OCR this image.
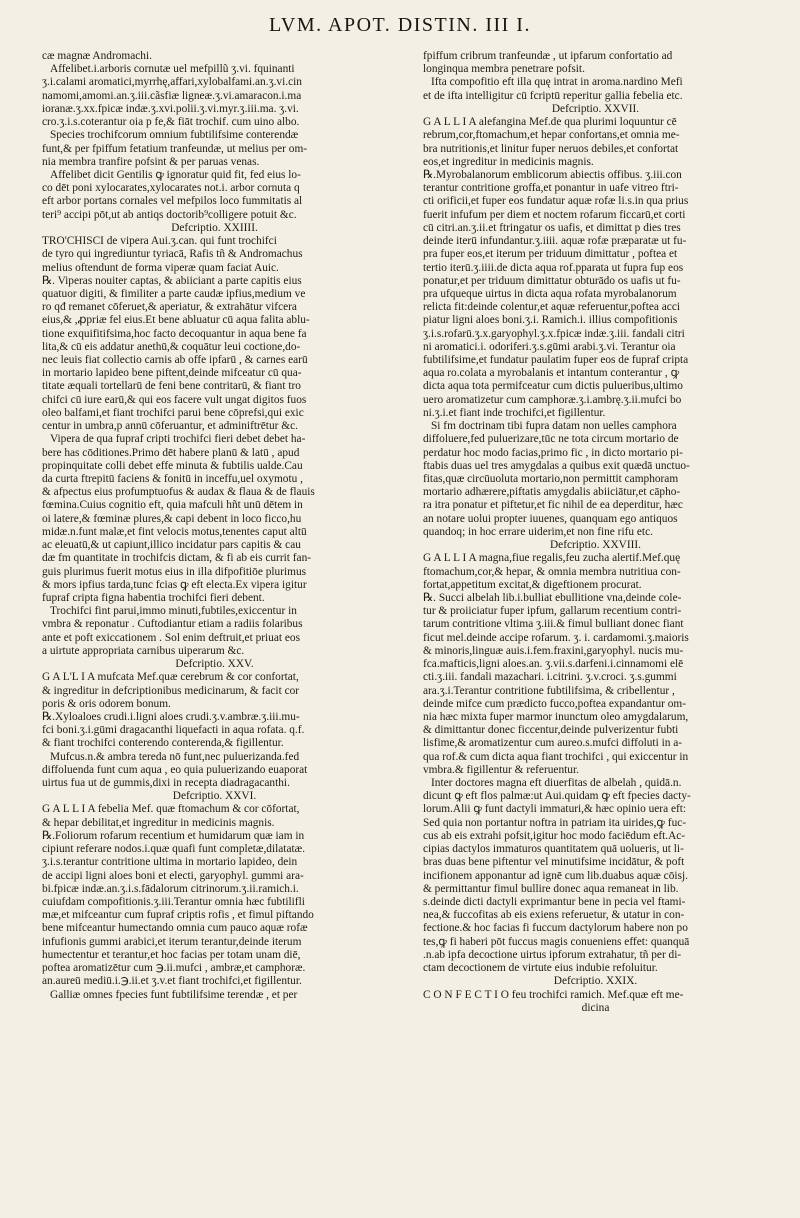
LVM. APOT. DISTIN. III I.
cæ magnæ Andromachi.
Affelibet.i.arboris cornutæ uel mefpillũ ʒ.vi. fquinanti
ʒ.i.calami aromatici,myrrhę,affari,xylobalfami.an.ʒ.vi.cin
namomi,amomi.an.ʒ.iii.cãsfiæ ligneæ.ʒ.vi.amaracon.i.ma
ioranæ.ʒ.xx.fpicæ indæ.ʒ.xvi.polii.ʒ.vi.myr.ʒ.iii.ma. ʒ.vi.
cro.ʒ.i.s.coterantur oia p fe,& fiāt trochif. cum uino albo.
Species trochifcorum omnium fubtilifsime conterendæ
funt,& per fpiffum fetatium tranfeundæ, ut melius per om-
nia membra tranfire pofsint & per paruas venas.
Affelibet dicit Gentilis ꝙ ignoratur quid fit, fed eius lo-
co dēt poni xylocarates,xylocarates not.i. arbor cornuta q
eft arbor portans cornales vel mefpilos loco fummitatis al
teri⁹ accipi pōt,ut ab antiqs doctorib⁹colligere potuit &c.
Defcriptio. XXIIII.
TRO'CHISCI de vipera Aui.ʒ.can. qui funt trochifci
de tyro qui ingrediuntur tyriacā, Rafis tñ & Andromachus
melius oftendunt de forma viperæ quam faciat Auic.
℞. Viperas nouiter captas, & abiiciant a parte capitis eius
quatuor digiti, & fimiliter a parte caudæ ipfius,medium ve
ro qđ remanet cōferuet,& aperiatur, & extrahātur vifcera
eius,& ,ꝓpriæ fel eius.Et bene abluatur cū aqua falita ablu-
tione exquifitifsima,hoc facto decoquantur in aqua bene fa
lita,& cū eis addatur anethū,& coquātur leui coctione,do-
nec leuis fiat collectio carnis ab offe ipfarū , & carnes earū
in mortario lapideo bene piftent,deinde mifceatur cū qua-
titate æquali tortellarū de feni bene contritarū, & fiant tro
chifci cū iure earū,& qui eos facere vult ungat digitos fuos
oleo balfami,et fiant trochifci parui bene cōprefsi,qui exic
centur in umbra,p annū cōferuantur, et adminiftrētur &c.
Vipera de qua fupraf cripti trochifci fieri debet debet ha-
bere has cōditiones.Primo dēt habere planū & latū , apud
propinquitate colli debet effe minuta & fubtilis ualde.Cau
da curta ftrepitū faciens & fonitū in inceffu,uel oxymotu ,
& afpectus eius profumptuofus & audax & flaua & de flauis
fœmina.Cuius cognitio eft, quia mafculi hñt unū dētem in
oi latere,& fœminæ plures,& capi debent in loco ficco,hu
midæ.n.funt malæ,et fint velocis motus,tenentes caput altū
ac eleuatū,& ut capiunt,illico incidatur pars capitis & cau
dæ fm quantitate in trochifcis dictam, & fi ab eis currit fan-
guis plurimus fuerit motus eius in illa difpofitiōe plurimus
& mors ipfius tarda,tunc fcias ꝙ eft electa.Ex vipera igitur
fupraf cripta figna habentia trochifci fieri debent.
Trochifci fint parui,immo minuti,fubtiles,exiccentur in
vmbra & reponatur . Cuftodiantur etiam a radiis folaribus
ante et poft exiccationem . Sol enim deftruit,et priuat eos
a uirtute appropriata carnibus uiperarum &c.
Defcriptio. XXV.
G A L'L I A mufcata Mef.quæ cerebrum & cor confortat,
& ingreditur in defcriptionibus medicinarum, & facit cor
poris & oris odorem bonum.
℞.Xyloaloes crudi.i.ligni aloes crudi.ʒ.v.ambræ.ʒ.iii.mu-
fci boni.ʒ.i.gūmi dragacanthi liquefacti in aqua rofata. q.f.
& fiant trochifci conterendo conterenda,& figillentur.
Mufcus.n.& ambra tereda nō funt,nec puluerizanda.fed
diffoluenda funt cum aqua , eo quia puluerizando euaporat
uirtus fua ut de gummis,dixi in recepta diadragacanthi.
Defcriptio. XXVI.
G A L L I A febelia Mef. quæ ftomachum & cor cōfortat,
& hepar debilitat,et ingreditur in medicinis magnis.
℞.Foliorum rofarum recentium et humidarum quæ iam in
cipiunt referare nodos.i.quæ quafi funt completæ,dilatatæ.
ʒ.i.s.terantur contritione ultima in mortario lapideo, dein
de accipi ligni aloes boni et electi, garyophyl. gummi ara-
bi.fpicæ indæ.an.ʒ.i.s.fādalorum citrinorum.ʒ.ii.ramich.i.
cuiufdam compofitionis.ʒ.iii.Terantur omnia hæc fubtilifli
mæ,et mifceantur cum fupraf criptis rofis , et fimul piftando
bene mifceantur humectando omnia cum pauco aquæ rofæ
infufionis gummi arabici,et iterum terantur,deinde iterum
humectentur et terantur,et hoc facias per totam unam diē,
poftea aromatizētur cum ℈.ii.mufci , ambræ,et camphoræ.
an.aureū mediū.i.℈.ii.et ʒ.v.et fiant trochifci,et figillentur.
Galliæ omnes fpecies funt fubtilifsime terendæ , et per
fpiffum cribrum tranfeundæ , ut ipfarum confortatio ad
longinqua membra penetrare pofsit.
Ifta compofitio eft illa quę intrat in aroma.nardino Mefi
et de ifta intelligitur cū fcriptū reperitur gallia febelia etc.
Defcriptio. XXVII.
G A L L I A alefangina Mef.de qua plurimi loquuntur cē
rebrum,cor,ftomachum,et hepar confortans,et omnia me-
bra nutritionis,et linitur fuper neruos debiles,et confortat
eos,et ingreditur in medicinis magnis.
℞.Myrobalanorum emblicorum abiectis offibus. ʒ.iii.con
terantur contritione groffa,et ponantur in uafe vitreo ftri-
cti orificii,et fuper eos fundatur aquæ rofæ li.s.in qua prius
fuerit infufum per diem et noctem rofarum ficcarū,et corti
cū citri.an.ʒ.ii.et ftringatur os uafis, et dimittat p dies tres
deinde iterū infundantur.ʒ.iiii. aquæ rofæ præparatæ ut fu-
pra fuper eos,et iterum per triduum dimittatur , poftea et
tertio iterū.ʒ.iiii.de dicta aqua rof.pparata ut fupra fup eos
ponatur,et per triduum dimittatur obturādo os uafis ut fu-
pra ufqueque uirtus in dicta aqua rofata myrobalanorum
relicta fit:deinde colentur,et aquæ referuentur,poftea acci
piatur ligni aloes boni.ʒ.i. Ramich.i. illius compofitionis
ʒ.i.s.rofarū.ʒ.x.garyophyl.ʒ.x.fpicæ indæ.ʒ.iii. fandali citri
ni aromatici.i. odoriferi.ʒ.s.gūmi arabi.ʒ.vi. Terantur oia
fubtilifsime,et fundatur paulatim fuper eos de fupraf cripta
aqua ro.colata a myrobalanis et intantum conterantur , ꝙ
dicta aqua tota permifceatur cum dictis pulueribus,ultimo
uero aromatizetur cum camphoræ.ʒ.i.ambrę.ʒ.ii.mufci bo
ni.ʒ.i.et fiant inde trochifci,et figillentur.
Si fm doctrinam tibi fupra datam non uelles camphora
diffoluere,fed puluerizare,tūc ne tota circum mortario de
perdatur hoc modo facias,primo fic , in dicto mortario pi-
ftabis duas uel tres amygdalas a quibus exit quædā unctuo-
fitas,quæ circūuoluta mortario,non permittit camphoram
mortario adhærere,piftatis amygdalis abiiciātur,et cāpho-
ra itra ponatur et piftetur,et fic nihil de ea deperditur, hæc
an notare uolui propter iuuenes, quanquam ego antiquos
quandoq; in hoc errare uiderim,et non fine rifu etc.
Defcriptio. XXVIII.
G A L L I A magna,fiue regalis,feu zucha alertif.Mef.quę
ftomachum,cor,& hepar, & omnia membra nutritiua con-
fortat,appetitum excitat,& digeftionem procurat.
℞. Succi albelah lib.i.bulliat ebullitione vna,deinde cole-
tur & proiiciatur fuper ipfum, gallarum recentium contri-
tarum contritione vltima ʒ.iii.& fimul bulliant donec fiant
ficut mel.deinde accipe rofarum. ʒ. i. cardamomi.ʒ.maioris
& minoris,linguæ auis.i.fem.fraxini,garyophyl. nucis mu-
fca.mafticis,ligni aloes.an. ʒ.vii.s.darfeni.i.cinnamomi elē
cti.ʒ.iii. fandali mazachari. i.citrini. ʒ.v.croci. ʒ.s.gummi
ara.ʒ.i.Terantur contritione fubtilifsima, & cribellentur ,
deinde mifce cum prædicto fucco,poftea expandantur om-
nia hæc mixta fuper marmor inunctum oleo amygdalarum,
& dimittantur donec ficcentur,deinde pulverizentur fubti
lisfime,& aromatizentur cum aureo.s.mufci diffoluti in a-
qua rof.& cum dicta aqua fiant trochifci , qui exiccentur in
vmbra.& figillentur & referuentur.
Inter doctores magna eft diuerfitas de albelah , quidā.n.
dicunt ꝙ eft flos palmæ:ut Aui.quidam ꝙ eft fpecies dacty-
lorum.Alii ꝙ funt dactyli immaturi,& hæc opinio uera eft:
Sed quia non portantur noftra in patriam ita uirides,ꝙ fuc-
cus ab eis extrahi pofsit,igitur hoc modo faciēdum eft.Ac-
cipias dactylos immaturos quantitatem quā uolueris, ut li-
bras duas bene piftentur vel minutifsime incidātur, & poft
incifionem apponantur ad ignē cum lib.duabus aquæ cōisj.
& permittantur fimul bullire donec aqua remaneat in lib.
s.deinde dicti dactyli exprimantur bene in pecia vel ftami-
nea,& fuccofitas ab eis exiens referuetur, & utatur in con-
fectione.& hoc facias fi fuccum dactylorum habere non po
tes,ꝙ fi haberi pōt fuccus magis conueniens effet: quanquā
.n.ab ipfa decoctione uirtus ipforum extrahatur, tñ per di-
ctam decoctionem de virtute eius indubie refoluitur.
Defcriptio. XXIX.
C O N F E C T I O feu trochifci ramich. Mef.quæ eft me-
dicina
